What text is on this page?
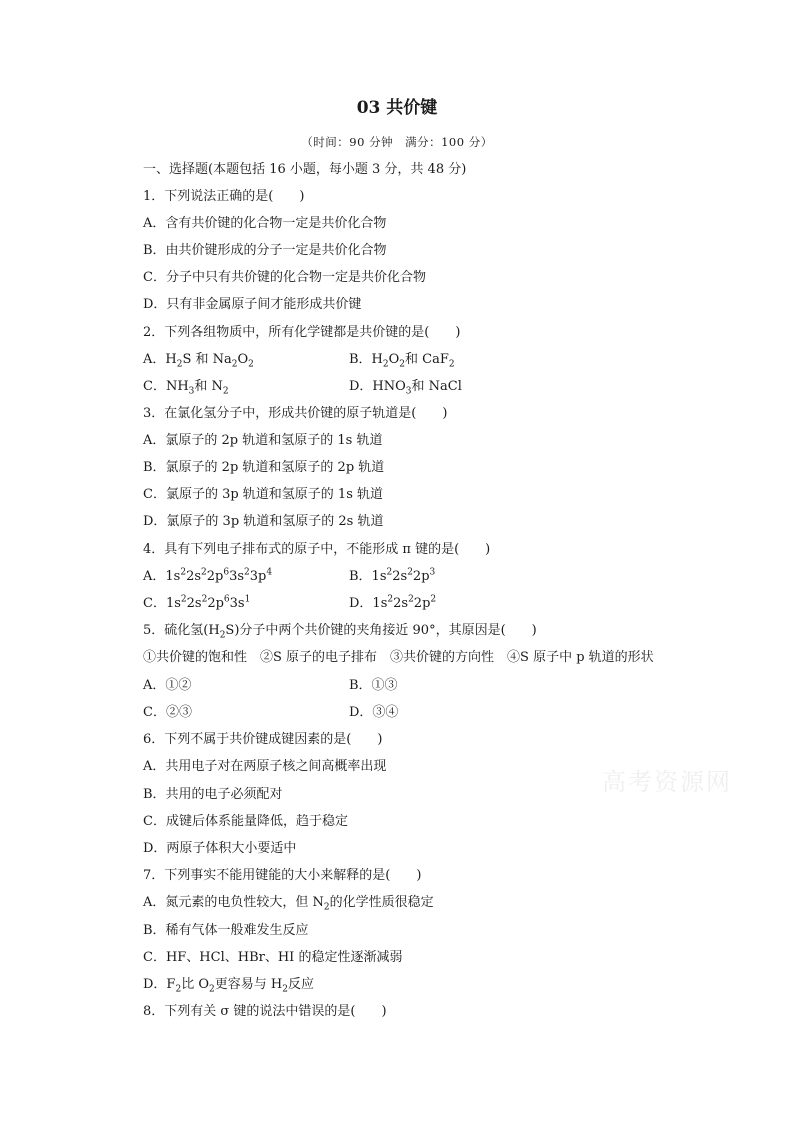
03 共价键
（时间：90 分钟　满分：100 分）
一、选择题(本题包括 16 小题，每小题 3 分，共 48 分)
1．下列说法正确的是(　　)
A．含有共价键的化合物一定是共价化合物
B．由共价键形成的分子一定是共价化合物
C．分子中只有共价键的化合物一定是共价化合物
D．只有非金属原子间才能形成共价键
2．下列各组物质中，所有化学键都是共价键的是(　　)
A．$H_2S$ 和 $Na_2O_2$	B．$H_2O_2$和 CaF$_2$
C．$NH_3$和 $N_2$	D．$HNO_3$和 NaCl
3．在氯化氢分子中，形成共价键的原子轨道是(　　)
A．氯原子的 2p 轨道和氢原子的 1s 轨道
B．氯原子的 2p 轨道和氢原子的 2p 轨道
C．氯原子的 3p 轨道和氢原子的 1s 轨道
D．氯原子的 3p 轨道和氢原子的 2s 轨道
4．具有下列电子排布式的原子中，不能形成 π 键的是(　　)
A．$1s^22s^22p^63s^23p^4$	B．$1s^22s^22p^3$
C．$1s^22s^22p^63s^1$	D．$1s^22s^22p^2$
5．硫化氢$(H_2S)$分子中两个共价键的夹角接近 90°，其原因是(　　)
①共价键的饱和性　②S 原子的电子排布　③共价键的方向性　④S 原子中 p 轨道的形状
A．①②	B．①③
C．②③	D．③④
6．下列不属于共价键成键因素的是(　　)
A．共用电子对在两原子核之间高概率出现
B．共用的电子必须配对
C．成键后体系能量降低，趋于稳定
D．两原子体积大小要适中
7．下列事实不能用键能的大小来解释的是(　　)
A．氮元素的电负性较大，但 $N_2$的化学性质很稳定
B．稀有气体一般难发生反应
C．HF、HCl、HBr、HI 的稳定性逐渐减弱
D．$F_2$比 $O_2$更容易与 $H_2$反应
8．下列有关 σ 键的说法中错误的是(　　)
高考资源网
